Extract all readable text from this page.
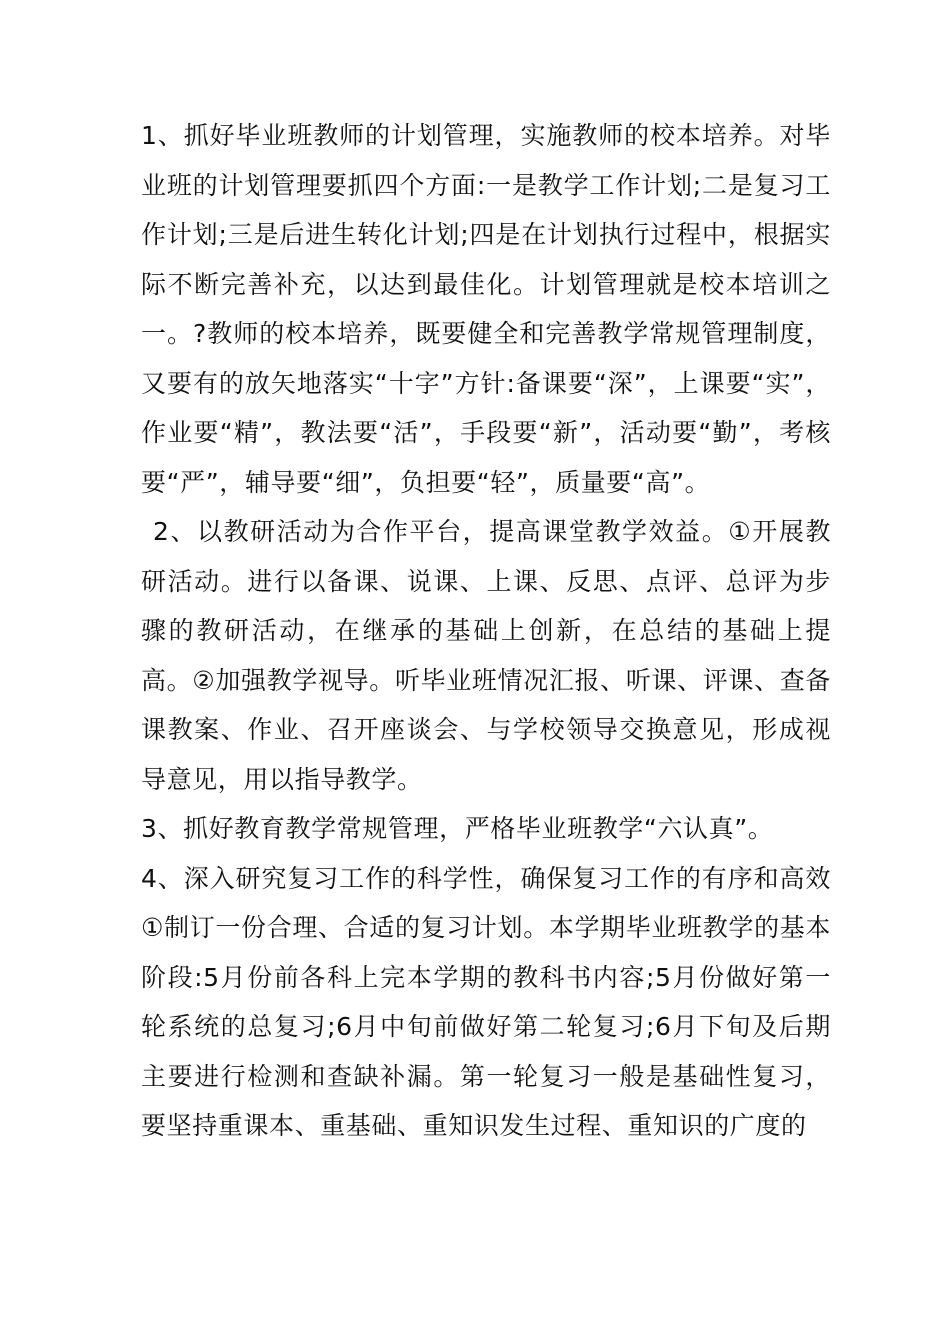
1、抓好毕业班教师的计划管理，实施教师的校本培养。对毕业班的计划管理要抓四个方面:一是教学工作计划;二是复习工作计划;三是后进生转化计划;四是在计划执行过程中，根据实际不断完善补充，以达到最佳化。计划管理就是校本培训之一。?教师的校本培养，既要健全和完善教学常规管理制度，又要有的放矢地落实“十字”方针:备课要“深”，上课要“实”，作业要“精”，教法要“活”，手段要“新”，活动要“勤”，考核要“严”，辅导要“细”，负担要“轻”，质量要“高”。

2、以教研活动为合作平台，提高课堂教学效益。①开展教研活动。进行以备课、说课、上课、反思、点评、总评为步骤的教研活动，在继承的基础上创新，在总结的基础上提高。②加强教学视导。听毕业班情况汇报、听课、评课、查备课教案、作业、召开座谈会、与学校领导交换意见，形成视导意见，用以指导教学。

3、抓好教育教学常规管理，严格毕业班教学“六认真”。

4、深入研究复习工作的科学性，确保复习工作的有序和高效①制订一份合理、合适的复习计划。本学期毕业班教学的基本阶段:5月份前各科上完本学期的教科书内容;5月份做好第一轮系统的总复习;6月中旬前做好第二轮复习;6月下旬及后期主要进行检测和查缺补漏。第一轮复习一般是基础性复习，要坚持重课本、重基础、重知识发生过程、重知识的广度的
